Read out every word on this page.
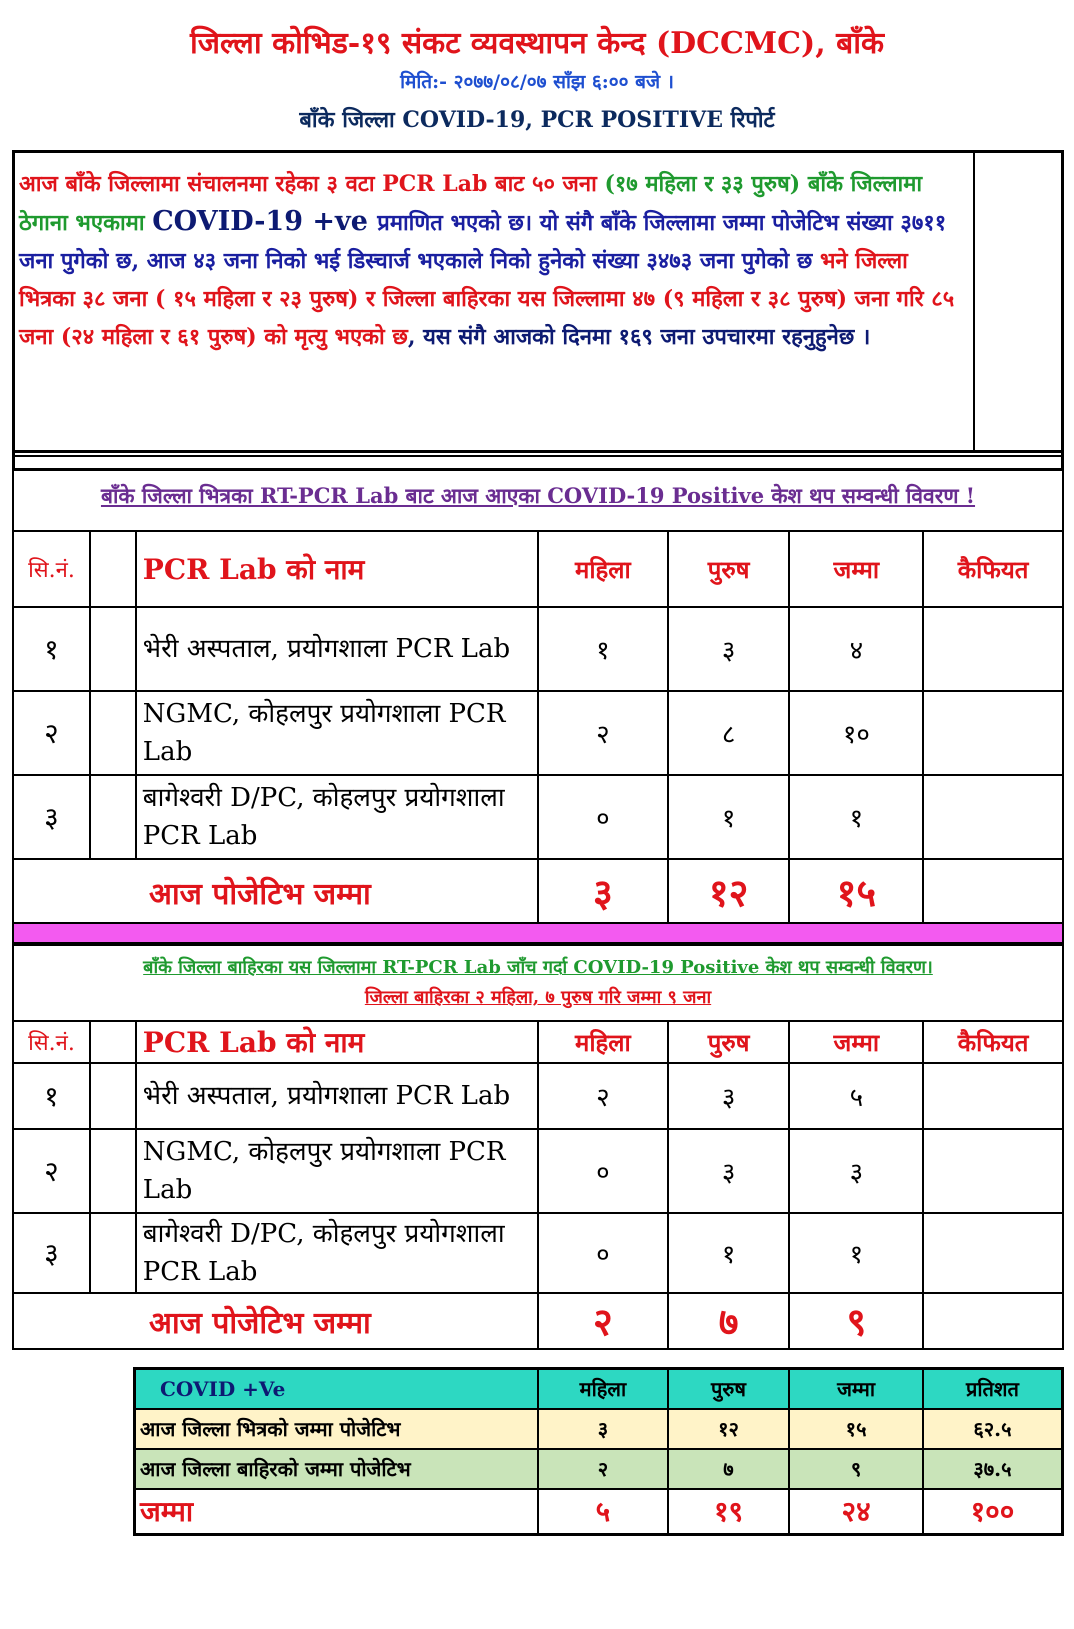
जिल्ला कोभिड-१९ संकट व्यवस्थापन केन्द (DCCMC), बाँके
मिति:- २०७७/०८/०७ साँझ ६:०० बजे ।
बाँके जिल्ला COVID-19, PCR POSITIVE रिपोर्ट
आज बाँके जिल्लामा संचालनमा रहेका ३ वटा PCR Lab बाट ५० जना (१७ महिला र ३३ पुरुष) बाँके जिल्लामा ठेगाना भएकामा COVID-19 +ve प्रमाणित भएको छ। यो संगै बाँके जिल्लामा जम्मा पोजेटिभ संख्या ३७११ जना पुगेको छ, आज ४३ जना निको भई डिस्चार्ज भएकाले निको हुनेको संख्या ३४७३ जना पुगेको छ भने जिल्ला भित्रका ३८ जना ( १५ महिला र २३ पुरुष) र जिल्ला बाहिरका यस जिल्लामा ४७ (९ महिला र ३८ पुरुष) जना गरि ८५ जना (२४ महिला र ६१ पुरुष) को मृत्यु भएको छ, यस संगै आजको दिनमा १६९ जना उपचारमा रहनुहुनेछ ।
बाँके जिल्ला भित्रका RT-PCR Lab बाट आज आएका COVID-19 Positive केश थप सम्वन्धी विवरण !						
सि.नं.		PCR Lab को नाम	महिला	पुरुष	जम्मा	कैफियत
१		भेरी अस्पताल, प्रयोगशाला PCR Lab	१	३	४	
२		NGMC, कोहलपुर प्रयोगशाला PCR Lab	२	८	१०	
३		बागेश्वरी D/PC, कोहलपुर प्रयोगशाला PCR Lab	०	१	१	
आज पोजेटिभ जम्मा			३	१२	१५	
बाँके जिल्ला बाहिरका यस जिल्लामा RT-PCR Lab जाँच गर्दा COVID-19 Positive केश थप सम्वन्धी विवरण।
जिल्ला बाहिरका २ महिला, ७ पुरुष गरि जम्मा ९ जना						

सि.नं.		PCR Lab को नाम	महिला	पुरुष	जम्मा	कैफियत
१		भेरी अस्पताल, प्रयोगशाला PCR Lab	२	३	५	
२		NGMC, कोहलपुर प्रयोगशाला PCR Lab	०	३	३	
३		बागेश्वरी D/PC, कोहलपुर प्रयोगशाला PCR Lab	०	१	१	
आज पोजेटिभ जम्मा			२	७	९	
COVID +Ve	महिला	पुरुष	जम्मा	प्रतिशत
आज जिल्ला भित्रको जम्मा पोजेटिभ	३	१२	१५	६२.५
आज जिल्ला बाहिरको जम्मा पोजेटिभ	२	७	९	३७.५
जम्मा	५	१९	२४	१००
